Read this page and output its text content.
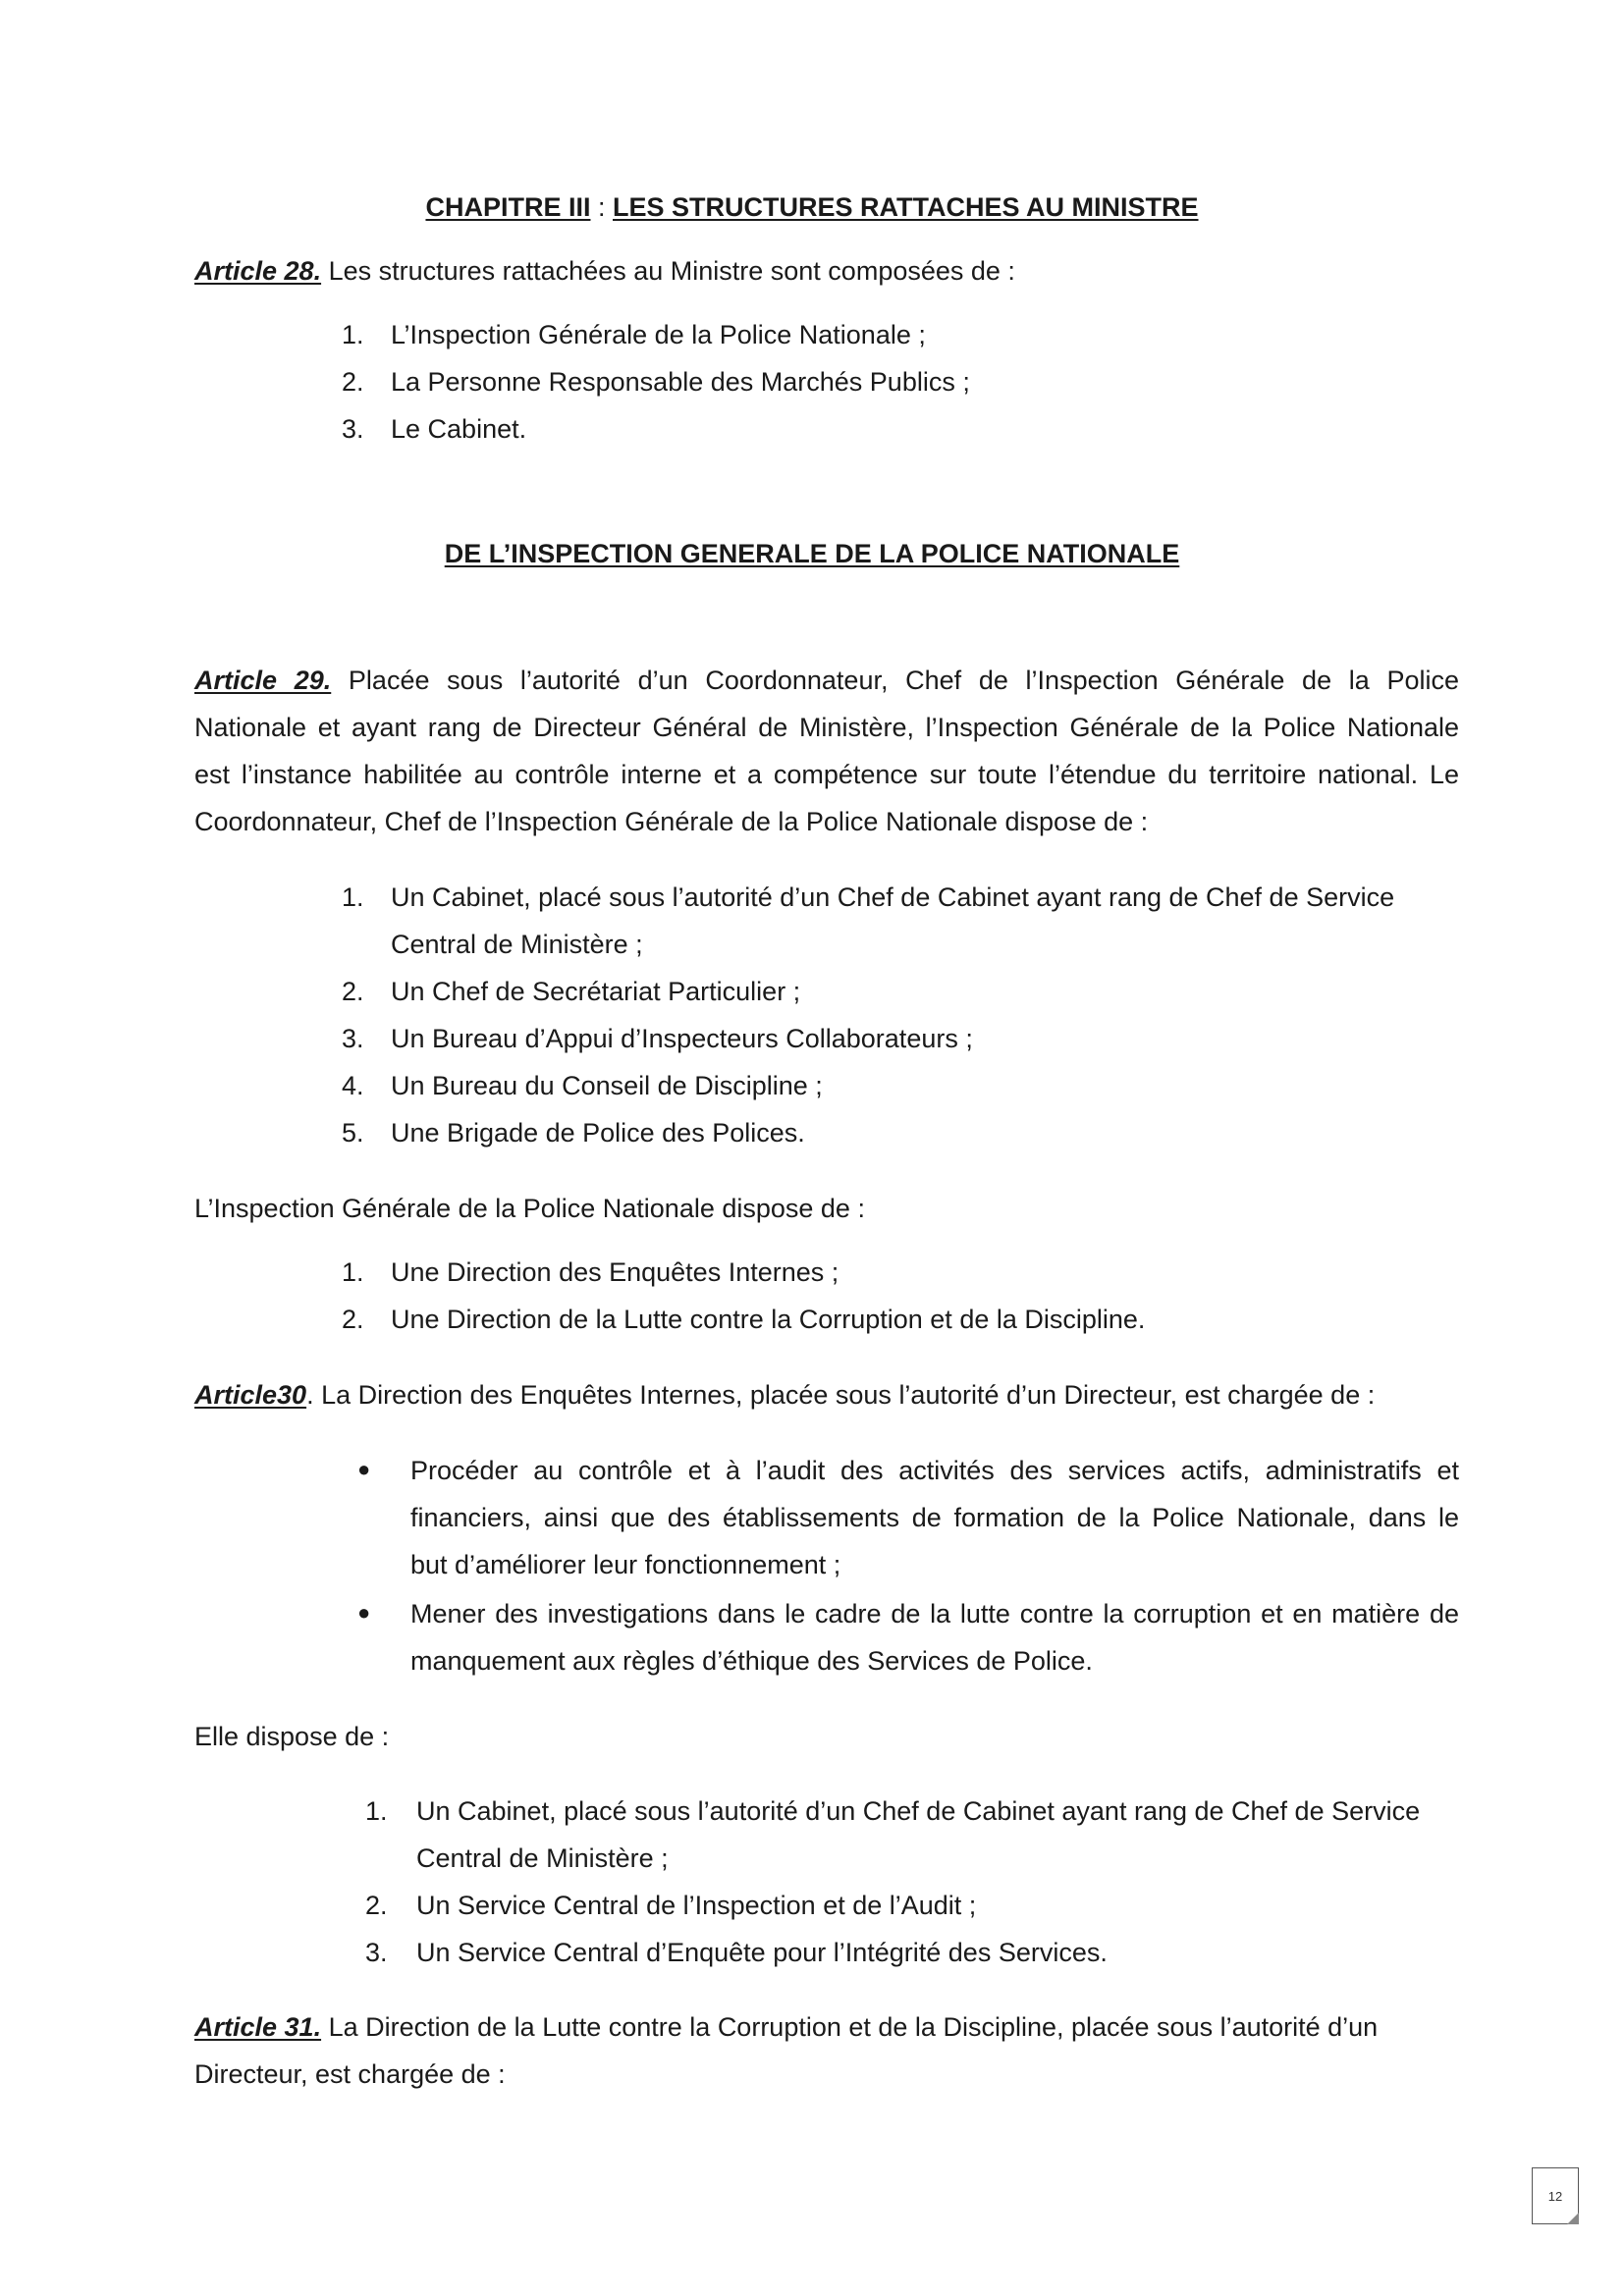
CHAPITRE III : LES STRUCTURES RATTACHES AU MINISTRE
Article 28. Les structures rattachées au Ministre sont composées de :
1. L’Inspection Générale de la Police Nationale ;
2. La Personne Responsable des Marchés Publics ;
3. Le Cabinet.
DE L’INSPECTION GENERALE DE LA POLICE NATIONALE
Article 29. Placée sous l’autorité d’un Coordonnateur, Chef de l’Inspection Générale de la Police
Nationale et ayant rang de Directeur Général de Ministère, l’Inspection Générale de la Police Nationale
est l’instance habilitée au contrôle interne et a compétence sur toute l’étendue du territoire national. Le
Coordonnateur, Chef de l’Inspection Générale de la Police Nationale dispose de :
1. Un Cabinet, placé sous l’autorité d’un Chef de Cabinet ayant rang de Chef de Service
Central de Ministère ;
2. Un Chef de Secrétariat Particulier ;
3. Un Bureau d’Appui d’Inspecteurs Collaborateurs ;
4. Un Bureau du Conseil de Discipline ;
5. Une Brigade de Police des Polices.
L’Inspection Générale de la Police Nationale dispose de :
1. Une Direction des Enquêtes Internes ;
2. Une Direction de la Lutte contre la Corruption et de la Discipline.
Article30. La Direction des Enquêtes Internes, placée sous l’autorité d’un Directeur, est chargée de :
● Procéder au contrôle et à l’audit des activités des services actifs, administratifs et
financiers, ainsi que des établissements de formation de la Police Nationale, dans le
but d’améliorer leur fonctionnement ;
● Mener des investigations dans le cadre de la lutte contre la corruption et en matière de
manquement aux règles d’éthique des Services de Police.
Elle dispose de :
1. Un Cabinet, placé sous l’autorité d’un Chef de Cabinet ayant rang de Chef de Service
Central de Ministère ;
2. Un Service Central de l’Inspection et de l’Audit ;
3. Un Service Central d’Enquête pour l’Intégrité des Services.
Article 31. La Direction de la Lutte contre la Corruption et de la Discipline, placée sous l’autorité d’un
Directeur, est chargée de :
12
